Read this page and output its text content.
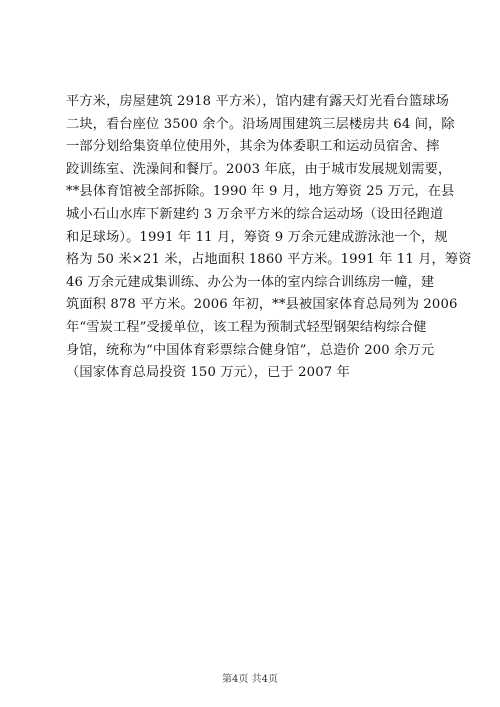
平方米，房屋建筑 2918 平方米），馆内建有露天灯光看台篮球场
二块，看台座位 3500 余个。沿场周围建筑三层楼房共 64 间，除
一部分划给集资单位使用外，其余为体委职工和运动员宿舍、摔
跤训练室、洗澡间和餐厅。2003 年底，由于城市发展规划需要，
**县体育馆被全部拆除。1990 年 9 月，地方筹资 25 万元，在县
城小石山水库下新建约 3 万余平方米的综合运动场（设田径跑道
和足球场）。1991 年 11 月，筹资 9 万余元建成游泳池一个，规
格为 50 米×21 米，占地面积 1860 平方米。1991 年 11 月，筹资
46 万余元建成集训练、办公为一体的室内综合训练房一幢，建
筑面积 878 平方米。2006 年初，**县被国家体育总局列为 2006
年“雪炭工程”受援单位，该工程为预制式轻型钢架结构综合健
身馆，统称为“中国体育彩票综合健身馆”，总造价 200 余万元
（国家体育总局投资 150 万元），已于 2007 年
第4页 共4页
